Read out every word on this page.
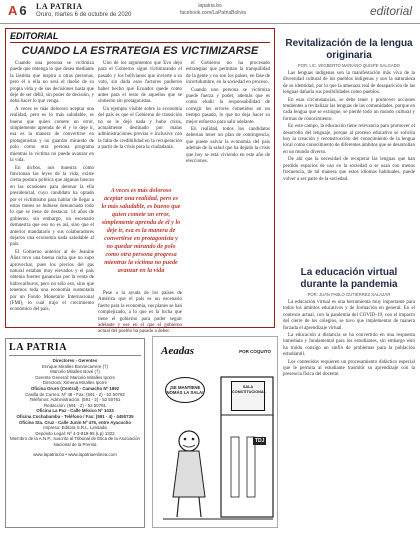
A 6 LA PATRIA
Oruro, martes 6 de octubre de 2020
lapatria.bo
facebook.com/LaPatriaBolivia	editorial
EDITORIAL
CUANDO LA ESTRATEGIA ES VICTIMIZARSE

Cuando una persona se victimiza puede que obtenga lo que desea mediante la lástima que inspira a otras personas, pero él o ella no será el dueño de su propia vida y de sus decisiones hasta que deje de ser débil, sin poder de decisión, y deba hacer lo que venga.

A veces es más doloroso aceptar una realidad, pero es lo más saludable, es bueno que quien comete un error, simplemente aprenda de él y lo deje ir, esa es la manera de convertirse en protagonistas y no guardar mirando de polo como otra persona programa mientras la víctima no puede avanzar en la vida.

En dichos, nos muestra cómo funcionan las leyes de la vida, existe cierta postura política que algunas buscan en las ocasiones para detonar la ella presidencial, cuyo candidato ha optado por el victimismo para hablar de llegar a estos meses se hubiese denunciado todo lo que se tiene de destacar. 14 años de gobierno, sin embargo, un escenario demuestra que eso no es así, sino que el anterior mandatario y sus colaboradores dejaron una economía nada saludable al país.

El Gobierno anterior al de Jeanine Áñez tuvo una buena racha que no supo aprovechar, pues los precios del gas natural estaban muy elevados y el país obtenía fuertes ganancias por la venta de hidrocarburos, pero no sólo eso, sino que tenemos toda una economía sustentada por un Fondo Monetario Internacional (FMI), lo cual trajo el crecimiento económico del país.

Uno de los argumentos que Evo dejó para el Gobierno sigue victimizando el pasado y los bolivianos que invierte a su voto, sin duda esos factores pudieron haber hecho que Ecuador quede como antes para el resto de aquellos que se sintieron sin protagonistas.

Un ejemplo visible sobre la economía del país es que el Gobierno de transición no se le dejó nada y hubo crisis, actualmente destinado por malas administraciones previas e inclusive con la falta de credibilidad en la recuperación a partir de la crisis para la ciudadanía.

Pese a la ayuda de los países de América que el país es un escenario fuerte para la economía, sus planes se han complejizado, a lo que es la lucha que tiene el gobierno para poder seguir adelante y ese en el que el gobierno actual del pueblo ha pasado a deber.

el Gobierno no ha procesado estrategias que permitan la tranquilidad de la gente y no son los países, en fase de incertidumbre, en la sociedad en proceso.

Cuando uno persona se victimiza puede fuerza y poder, además que es como eludir la responsabilidad de corregir los errores cometidos en un tiempo pasado, lo que no deja hacer su mejor esfuerzo para salir adelante.

En realidad, todos los candidatos deberían tener un plan de contingencia, que puede salvar la economía del país además de la salud que ha dejado la crisis que hoy se está viviendo en este año de elecciones.

A veces es más doloroso aceptar una realidad, pero es lo más saludable, es bueno que quien comete un error, simplemente aprenda de él y lo deje ir, esa es la manera de convertirse en protagonista y no quedar mirando de polo como otra persona progresa mientras la víctima no puede avanzar en la vida
Revitalización de la lengua originaria
POR: LIC. WIGBERTO MARIANO QUISPE SALGADO

Las lenguas indígenas son la manifestación más viva de la diversidad cultural de los pueblos indígenas y son la naturaleza de su identidad, por lo que la amenaza real de desaparición de las lenguas dañaría sus posibilidades como pueblos.

En esas circunstancias, se debe tener y promover acciones tendientes a revitalizar las lenguas de las comunidades, porque en cada lengua que se extingue, se pierde todo un mundo cultural y formas de conocimiento.

En este campo, la educación tiene relevancia para promover el desarrollo del lenguaje, porque al proceso educativo se solicita hoy la creación y reconstrucción del conocimiento de la lengua local como conocimiento de diferentes ámbitos que se desarrollan en un mundo diverso.

De ahí que la necesidad de recuperar las lenguas que han perdido espacios de uso en la sociedad o se usan con menos frecuencia, de tal manera que estos idiomas habituales, puede volver a ser parte de la sociedad.

La educación virtual durante la pandemia
POR: JUAN PABLO GUTIÉRREZ SALAZAR

La educación virtual es una herramienta muy importante para todos los ámbitos educativos y de formación en general. En el contexto actual, con la pandemia del COVID-19, con el impacto del cierre de los colegios, se tuvo que implementar de manera forzada el aprendizaje virtual.

La educación a distancia se ha convertido en una respuesta inmediata y fundamental para los estudiantes, sin embargo esto ha traído consigo un sinfín de problemas para la población estudiantil.

Los contenidos requieren un procesamiento didáctico especial que le permita al estudiante trasmitir su aprendizaje con la presencia física del docente.

LA PATRIA
Directores - Gerentes
Enrique Miralles Bonnecarrere (†)
Marcelo Miralles Bové (†)
Gerente General: Marcelo Miralles Iporre
Directora: Ximena Miralles Iporre
Oficina Oruro (Central) - Camacho Nº 1892
Casilla de Correo: Nº 48 - Fax: (591 - 2) - 52 50782
Teléfonos: Administración: (591 - 2) - 52 50761
Redacción: (591 - 2) - 52 50781
Oficina La Paz - Calle México Nº 1433
Oficina Cochabamba - Teléfono / Fax: (591 - 4) - 4450735
Oficina Sta. Cruz - Calle Junín Nº 475, entre Ayacucho
Impreso: Editora S.R.L. Limitada
Depósito Legal: Nº 4-3-919-95 (Lp) 1322
Miembro de la A.N.P., suscrito al Tribunal de Ética de la Asociación Nacional de la Prensa
www.lapatria.bo • www.lapatriaenlinea.com
Aeadas	POR COQUITO
¡SE MANTIENE NOMÁS LA SALA!
SALA CONSTITUCIONAL
TDJ
